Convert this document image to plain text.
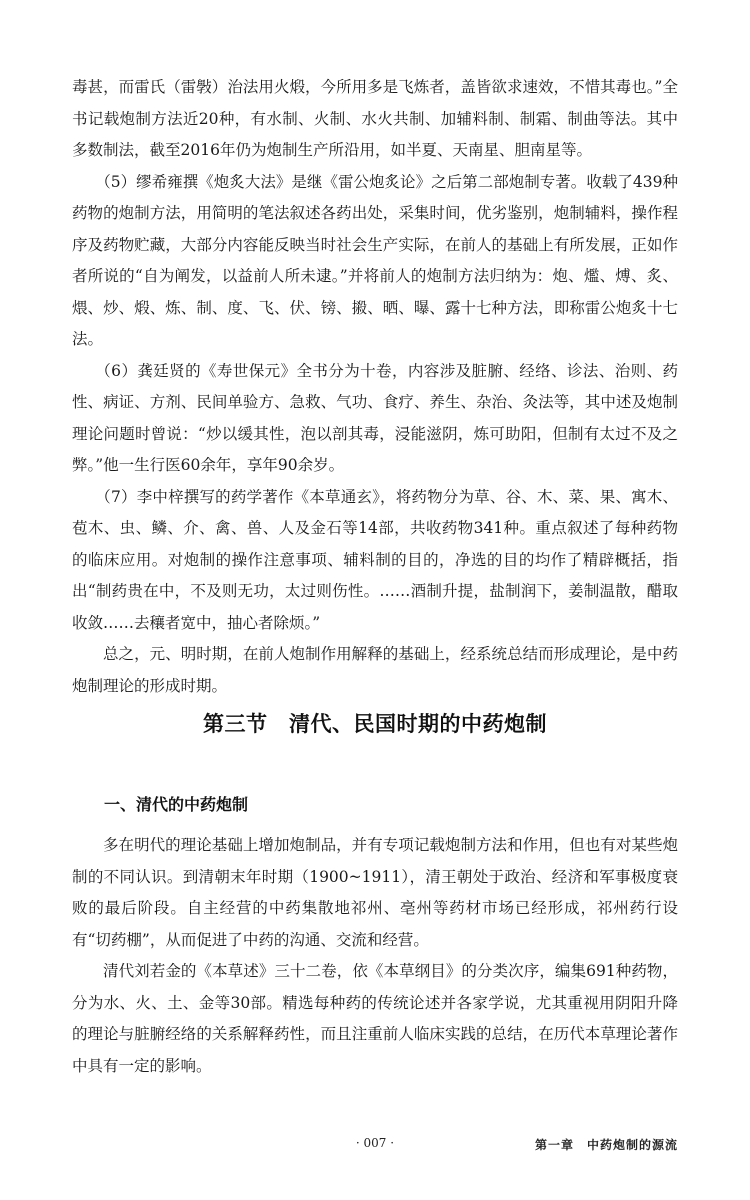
毒甚，而雷氏（雷斅）治法用火煅，今所用多是飞炼者，盖皆欲求速效，不惜其毒也。”全书记载炮制方法近20种，有水制、火制、水火共制、加辅料制、制霜、制曲等法。其中多数制法，截至2016年仍为炮制生产所沿用，如半夏、天南星、胆南星等。

（5）缪希雍撰《炮炙大法》是继《雷公炮炙论》之后第二部炮制专著。收载了439种药物的炮制方法，用简明的笔法叙述各药出处，采集时间，优劣鉴别，炮制辅料，操作程序及药物贮藏，大部分内容能反映当时社会生产实际，在前人的基础上有所发展，正如作者所说的“自为阐发，以益前人所未逮。”并将前人的炮制方法归纳为：炮、爁、煿、炙、煨、炒、煅、炼、制、度、飞、伏、镑、摋、晒、曝、露十七种方法，即称雷公炮炙十七法。

（6）龚廷贤的《寿世保元》全书分为十卷，内容涉及脏腑、经络、诊法、治则、药性、病证、方剂、民间单验方、急救、气功、食疗、养生、杂治、灸法等，其中述及炮制理论问题时曾说：“炒以缓其性，泡以剖其毒，浸能滋阴，炼可助阳，但制有太过不及之弊。”他一生行医60余年，享年90余岁。

（7）李中梓撰写的药学著作《本草通玄》，将药物分为草、谷、木、菜、果、寓木、苞木、虫、鳞、介、禽、兽、人及金石等14部，共收药物341种。重点叙述了每种药物的临床应用。对炮制的操作注意事项、辅料制的目的，净选的目的均作了精辟概括，指出“制药贵在中，不及则无功，太过则伤性。……酒制升提，盐制润下，姜制温散，醋取收敛……去穰者宽中，抽心者除烦。”

总之，元、明时期，在前人炮制作用解释的基础上，经系统总结而形成理论，是中药炮制理论的形成时期。

第三节　清代、民国时期的中药炮制
一、清代的中药炮制

多在明代的理论基础上增加炮制品，并有专项记载炮制方法和作用，但也有对某些炮制的不同认识。到清朝末年时期（1900~1911），清王朝处于政治、经济和军事极度衰败的最后阶段。自主经营的中药集散地祁州、亳州等药材市场已经形成，祁州药行设有“切药棚”，从而促进了中药的沟通、交流和经营。

清代刘若金的《本草述》三十二卷，依《本草纲目》的分类次序，编集691种药物，分为水、火、土、金等30部。精选每种药的传统论述并各家学说，尤其重视用阴阳升降的理论与脏腑经络的关系解释药性，而且注重前人临床实践的总结，在历代本草理论著作中具有一定的影响。

· 007 ·	第一章　中药炮制的源流
